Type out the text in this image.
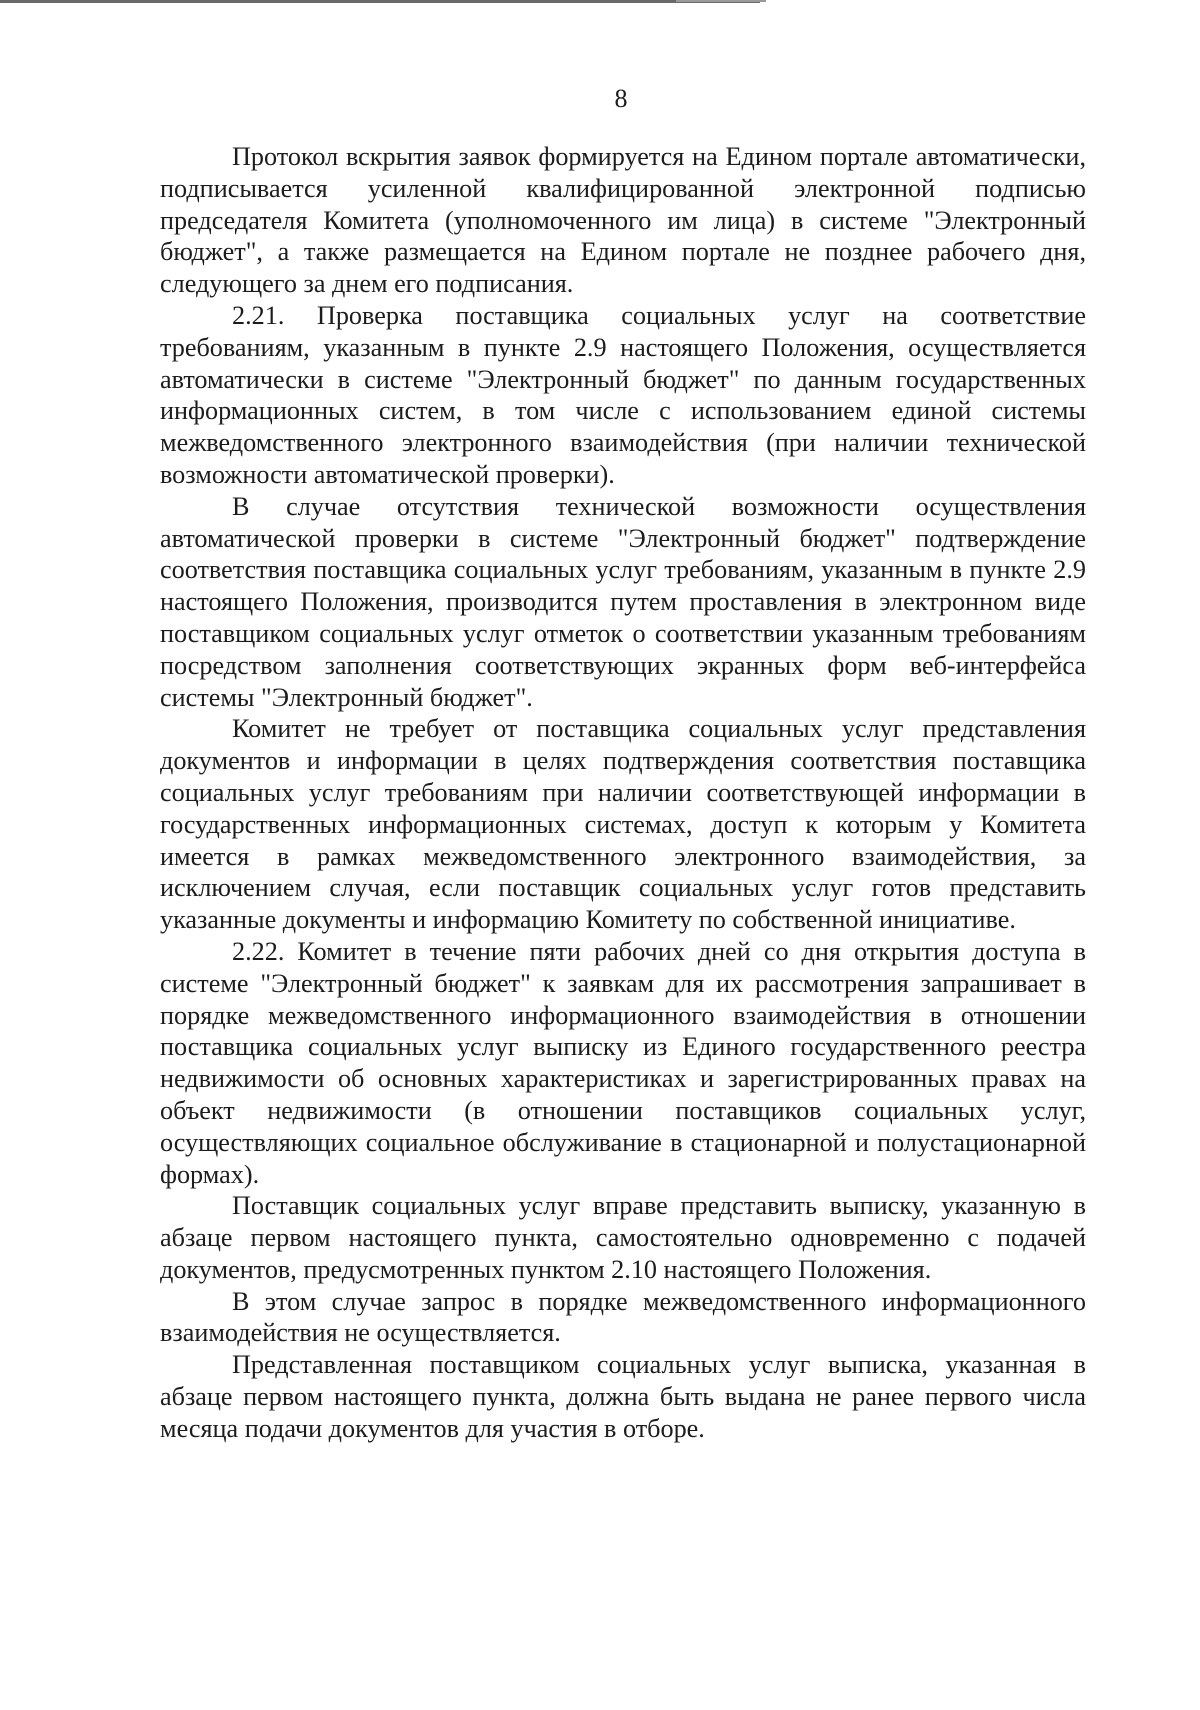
8

Протокол вскрытия заявок формируется на Едином портале автоматически, подписывается усиленной квалифицированной электронной подписью председателя Комитета (уполномоченного им лица) в системе "Электронный бюджет", а также размещается на Едином портале не позднее рабочего дня, следующего за днем его подписания.

2.21. Проверка поставщика социальных услуг на соответствие требованиям, указанным в пункте 2.9 настоящего Положения, осуществляется автоматически в системе "Электронный бюджет" по данным государственных информационных систем, в том числе с использованием единой системы межведомственного электронного взаимодействия (при наличии технической возможности автоматической проверки).

В случае отсутствия технической возможности осуществления автоматической проверки в системе "Электронный бюджет" подтверждение соответствия поставщика социальных услуг требованиям, указанным в пункте 2.9 настоящего Положения, производится путем проставления в электронном виде поставщиком социальных услуг отметок о соответствии указанным требованиям посредством заполнения соответствующих экранных форм веб-интерфейса системы "Электронный бюджет".

Комитет не требует от поставщика социальных услуг представления документов и информации в целях подтверждения соответствия поставщика социальных услуг требованиям при наличии соответствующей информации в государственных информационных системах, доступ к которым у Комитета имеется в рамках межведомственного электронного взаимодействия, за исключением случая, если поставщик социальных услуг готов представить указанные документы и информацию Комитету по собственной инициативе.

2.22. Комитет в течение пяти рабочих дней со дня открытия доступа в системе "Электронный бюджет" к заявкам для их рассмотрения запрашивает в порядке межведомственного информационного взаимодействия в отношении поставщика социальных услуг выписку из Единого государственного реестра недвижимости об основных характеристиках и зарегистрированных правах на объект недвижимости (в отношении поставщиков социальных услуг, осуществляющих социальное обслуживание в стационарной и полустационарной формах).

Поставщик социальных услуг вправе представить выписку, указанную в абзаце первом настоящего пункта, самостоятельно одновременно с подачей документов, предусмотренных пунктом 2.10 настоящего Положения.

В этом случае запрос в порядке межведомственного информационного взаимодействия не осуществляется.

Представленная поставщиком социальных услуг выписка, указанная в абзаце первом настоящего пункта, должна быть выдана не ранее первого числа месяца подачи документов для участия в отборе.
